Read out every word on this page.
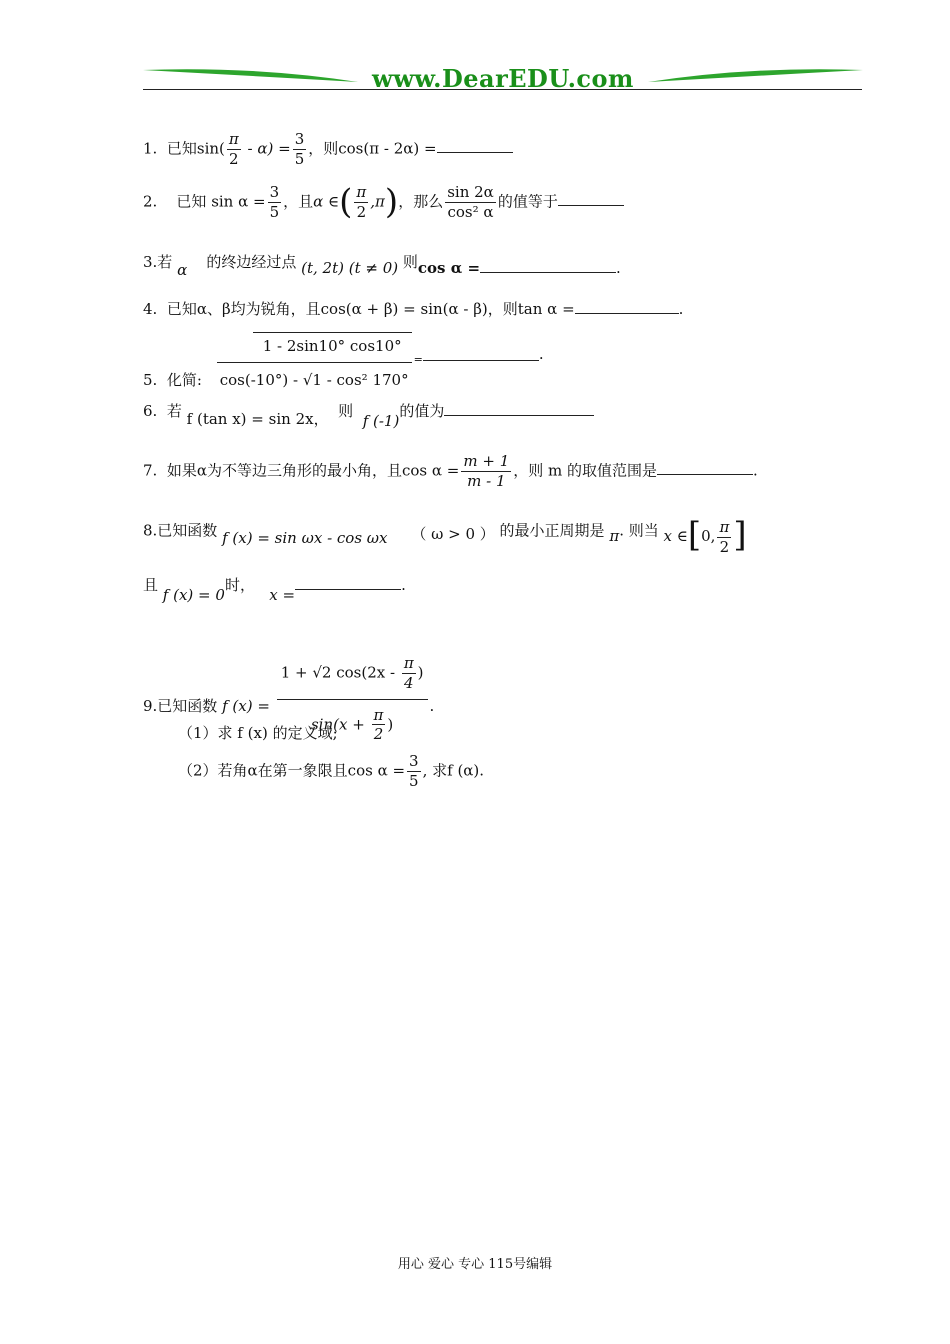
www.DearEDU.com
1. 已知$\sin( \frac{\pi}{2} - \alpha) = \frac{3}{5}$ ，则cos(π - 2α) =
2. 已知 $\sin \alpha = \frac{3}{5}$ ，且α ∈( $\frac{\pi}{2} ,\pi$)，那么 $\frac{\sin 2\alpha}{\text{cos² α}}$ 的值等于
3.若 α 的终边经过点 (t, 2t) (t ≠ 0) 则cos α =	.
4. 已知α、β均为锐角，且cos(α + β) = sin(α - β)，则tan α =	.
5. 化简: $\frac{1 - 2\sin 10^\circ \cos 10^\circ}{\text{cos(-10°) - √1 - cos² 170°}}$ =	.
6. 若 f (tan x) = sin 2x， 则  f (-1)的值为
7. 如果α为不等边三角形的最小角，且$\cos \alpha = \frac{m + 1}{m - 1}$ ，则 m 的取值范围是	.
8.已知函数 f (x) = sin ωx - cos ωx （ ω > 0 ） 的最小正周期是 π. 则当 x ∈[0, $\frac{\pi}{2}$ ]
且 f (x) = 0时，   x =.
9.已知函数 f $(x) = \frac{1 + √2 \cos(2x - \frac{\pi}{4} )}{\sin(x + \frac{\pi}{2} )}$ .
（1）求 f (x) 的定义域;
（2）若角α在第一象限且$\cos \alpha = \frac{3}{5}$ , 求f (α).
用心 爱心 专心 115号编辑
